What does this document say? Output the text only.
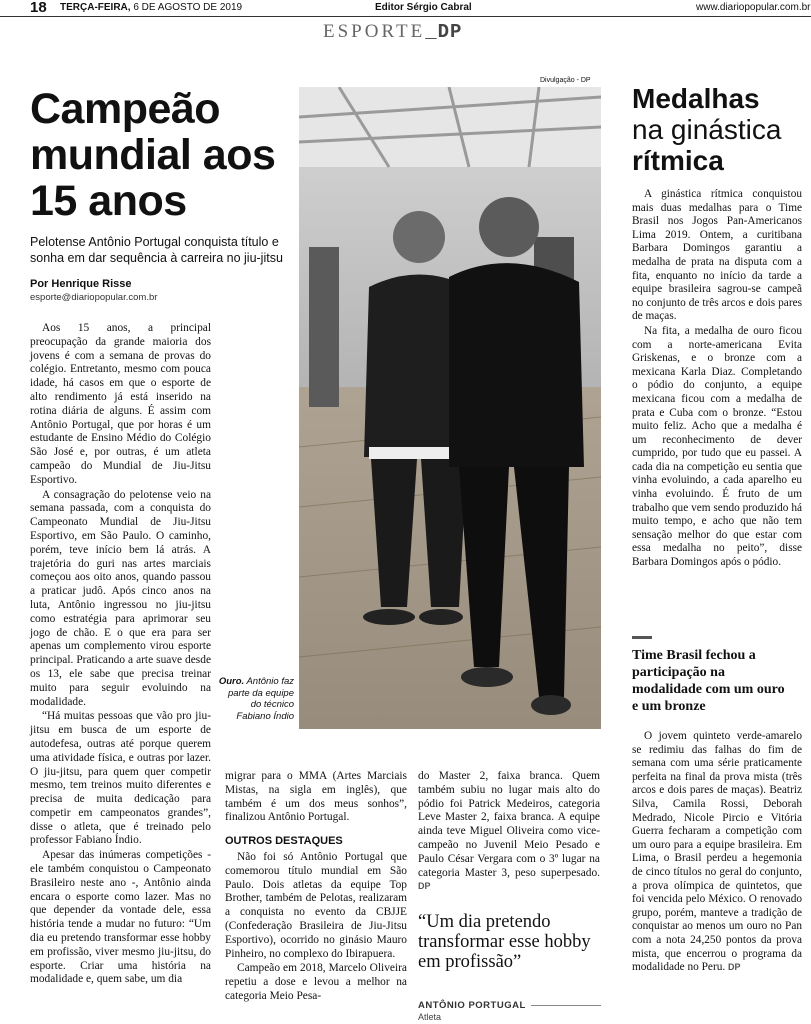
18 TERÇA-FEIRA, 6 DE AGOSTO DE 2019	Editor Sérgio Cabral	www.diariopopular.com.br
ESPORTE_DP
Campeão mundial aos 15 anos
Pelotense Antônio Portugal conquista título e sonha em dar sequência à carreira no jiu-jitsu
Por Henrique Risse
esporte@diariopopular.com.br

Aos 15 anos, a principal preocupação da grande maioria dos jovens é com a semana de provas do colégio. Entretanto, mesmo com pouca idade, há casos em que o esporte de alto rendimento já está inserido na rotina diária de alguns. É assim com Antônio Portugal, que por horas é um estudante de Ensino Médio do Colégio São José e, por outras, é um atleta campeão do Mundial de Jiu-Jitsu Esportivo.

A consagração do pelotense veio na semana passada, com a conquista do Campeonato Mundial de Jiu-Jitsu Esportivo, em São Paulo. O caminho, porém, teve início bem lá atrás. A trajetória do guri nas artes marciais começou aos oito anos, quando passou a praticar judô. Após cinco anos na luta, Antônio ingressou no jiu-jitsu como estratégia para aprimorar seu jogo de chão. E o que era para ser apenas um complemento virou esporte principal. Praticando a arte suave desde os 13, ele sabe que precisa treinar muito para seguir evoluindo na modalidade.

“Há muitas pessoas que vão pro jiu-jitsu em busca de um esporte de autodefesa, outras até porque querem uma atividade física, e outras por lazer. O jiu-jitsu, para quem quer competir mesmo, tem treinos muito diferentes e precisa de muita dedicação para competir em campeonatos grandes”, disse o atleta, que é treinado pelo professor Fabiano Índio.

Apesar das inúmeras competições - ele também conquistou o Campeonato Brasileiro neste ano -, Antônio ainda encara o esporte como lazer. Mas no que depender da vontade dele, essa história tende a mudar no futuro: “Um dia eu pretendo transformar esse hobby em profissão, viver mesmo jiu-jitsu, do esporte. Criar uma história na modalidade e, quem sabe, um dia

Divulgação - DP
Ouro. Antônio faz parte da equipe do técnico Fabiano Índio

migrar para o MMA (Artes Marciais Mistas, na sigla em inglês), que também é um dos meus sonhos”, finalizou Antônio Portugal.

OUTROS DESTAQUES

Não foi só Antônio Portugal que comemorou título mundial em São Paulo. Dois atletas da equipe Top Brother, também de Pelotas, realizaram a conquista no evento da CBJJE (Confederação Brasileira de Jiu-Jitsu Esportivo), ocorrido no ginásio Mauro Pinheiro, no complexo do Ibirapuera.

Campeão em 2018, Marcelo Oliveira repetiu a dose e levou a melhor na categoria Meio Pesa-

do Master 2, faixa branca. Quem também subiu no lugar mais alto do pódio foi Patrick Medeiros, categoria Leve Master 2, faixa branca. A equipe ainda teve Miguel Oliveira como vice-campeão no Juvenil Meio Pesado e Paulo César Vergara com o 3º lugar na categoria Master 3, peso superpesado. DP

“Um dia pretendo transformar esse hobby em profissão”
ANTÔNIO PORTUGAL
Atleta
Medalhas
na ginástica
rítmica

A ginástica rítmica conquistou mais duas medalhas para o Time Brasil nos Jogos Pan-Americanos Lima 2019. Ontem, a curitibana Barbara Domingos garantiu a medalha de prata na disputa com a fita, enquanto no início da tarde a equipe brasileira sagrou-se campeã no conjunto de três arcos e dois pares de maças.

Na fita, a medalha de ouro ficou com a norte-americana Evita Griskenas, e o bronze com a mexicana Karla Diaz. Completando o pódio do conjunto, a equipe mexicana ficou com a medalha de prata e Cuba com o bronze. “Estou muito feliz. Acho que a medalha é um reconhecimento de dever cumprido, por tudo que eu passei. A cada dia na competição eu sentia que vinha evoluindo, a cada aparelho eu vinha evoluindo. É fruto de um trabalho que vem sendo produzido há muito tempo, e acho que não tem sensação melhor do que estar com essa medalha no peito”, disse Barbara Domingos após o pódio.

Time Brasil fechou a participação na modalidade com um ouro e um bronze

O jovem quinteto verde-amarelo se redimiu das falhas do fim de semana com uma série praticamente perfeita na final da prova mista (três arcos e dois pares de maças). Beatriz Silva, Camila Rossi, Deborah Medrado, Nicole Pircio e Vitória Guerra fecharam a competição com um ouro para a equipe brasileira. Em Lima, o Brasil perdeu a hegemonia de cinco títulos no geral do conjunto, a prova olímpica de quintetos, que foi vencida pelo México. O renovado grupo, porém, manteve a tradição de conquistar ao menos um ouro no Pan com a nota 24,250 pontos da prova mista, que encerrou o programa da modalidade no Peru. DP
